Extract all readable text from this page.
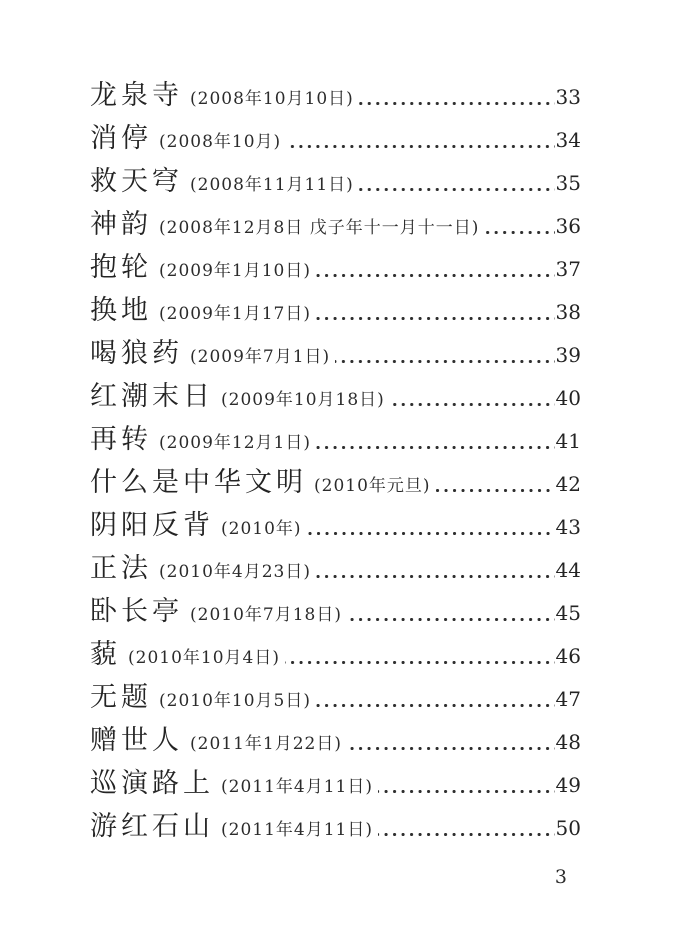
龙泉寺 (2008年10月10日)	33
消停 (2008年10月)	34
救天穹 (2008年11月11日)	35
神韵 (2008年12月8日 戊子年十一月十一日)	36
抱轮 (2009年1月10日)	37
换地 (2009年1月17日)	38
喝狼药 (2009年7月1日)	39
红潮末日 (2009年10月18日)	40
再转 (2009年12月1日)	41
什么是中华文明 (2010年元旦)	42
阴阳反背 (2010年)	43
正法 (2010年4月23日)	44
卧长亭 (2010年7月18日)	45
藐 (2010年10月4日)	46
无题 (2010年10月5日)	47
赠世人 (2011年1月22日)	48
巡演路上 (2011年4月11日)	49
游红石山 (2011年4月11日)	50
3
